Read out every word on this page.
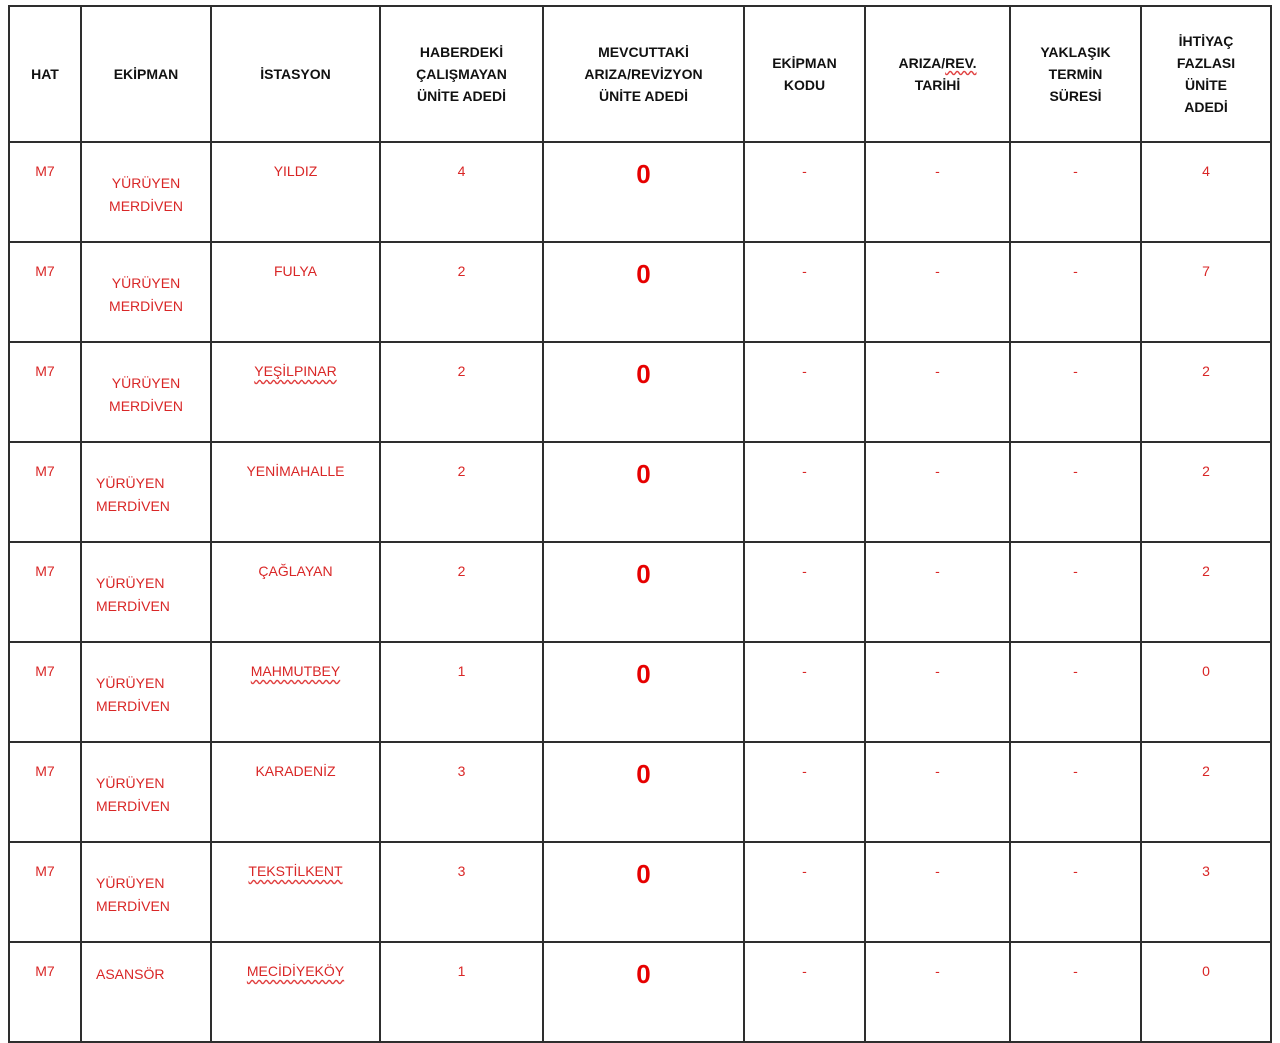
HAT	EKİPMAN	İSTASYON	HABERDEKİ
ÇALIŞMAYAN
ÜNİTE ADEDİ	MEVCUTTAKİ
ARIZA/REVİZYON
ÜNİTE ADEDİ	EKİPMAN
KODU	ARIZA/REV.
TARİHİ	YAKLAŞIK
TERMİN
SÜRESİ	İHTİYAÇ
FAZLASI
ÜNİTE
ADEDİ

M7	YÜRÜYEN
MERDİVEN	YILDIZ	4	0	-	-	-	4
M7	YÜRÜYEN
MERDİVEN	FULYA	2	0	-	-	-	7
M7	YÜRÜYEN
MERDİVEN	YEŞİLPINAR	2	0	-	-	-	2
M7	YÜRÜYEN
MERDİVEN	YENİMAHALLE	2	0	-	-	-	2
M7	YÜRÜYEN
MERDİVEN	ÇAĞLAYAN	2	0	-	-	-	2
M7	YÜRÜYEN
MERDİVEN	MAHMUTBEY	1	0	-	-	-	0
M7	YÜRÜYEN
MERDİVEN	KARADENİZ	3	0	-	-	-	2
M7	YÜRÜYEN
MERDİVEN	TEKSTİLKENT	3	0	-	-	-	3
M7	ASANSÖR	MECİDİYEKÖY	1	0	-	-	-	0
